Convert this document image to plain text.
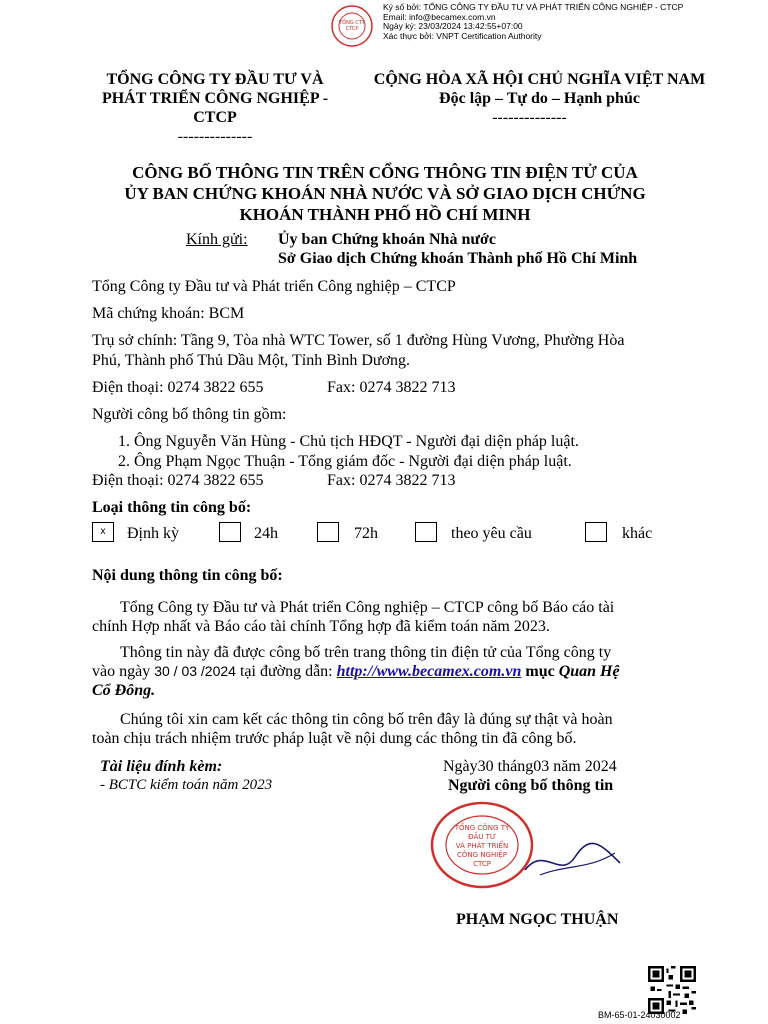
TỔNG CTY
CTCP
Ký số bởi: TỔNG CÔNG TY ĐẦU TƯ VÀ PHÁT TRIỂN CÔNG NGHIỆP - CTCP
Email: info@becamex.com.vn
Ngày ký: 23/03/2024 13:42:55+07:00
Xác thực bởi: VNPT Certification Authority
TỔNG CÔNG TY ĐẦU TƯ VÀ
PHÁT TRIỂN CÔNG NGHIỆP -
CTCP
--------------
CỘNG HÒA XÃ HỘI CHỦ NGHĨA VIỆT NAM
Độc lập – Tự do – Hạnh phúc
--------------
CÔNG BỐ THÔNG TIN TRÊN CỔNG THÔNG TIN ĐIỆN TỬ CỦA
ỦY BAN CHỨNG KHOÁN NHÀ NƯỚC VÀ SỞ GIAO DỊCH CHỨNG
KHOÁN THÀNH PHỐ HỒ CHÍ MINH
Kính gửi: Ủy ban Chứng khoán Nhà nước
Sở Giao dịch Chứng khoán Thành phố Hồ Chí Minh
Tổng Công ty Đầu tư và Phát triển Công nghiệp – CTCP
Mã chứng khoán: BCM
Trụ sở chính: Tầng 9, Tòa nhà WTC Tower, số 1 đường Hùng Vương, Phường Hòa
Phú, Thành phố Thủ Dầu Một, Tỉnh Bình Dương.
Điện thoại: 0274 3822 655	Fax: 0274 3822 713
Người công bố thông tin gồm:
1. Ông Nguyễn Văn Hùng - Chủ tịch HĐQT - Người đại diện pháp luật.
2. Ông Phạm Ngọc Thuận - Tổng giám đốc - Người đại diện pháp luật.
Điện thoại: 0274 3822 655	Fax: 0274 3822 713
Loại thông tin công bố:
x	Định kỳ	24h	72h	theo yêu cầu	khác
Nội dung thông tin công bố:
Tổng Công ty Đầu tư và Phát triển Công nghiệp – CTCP công bố Báo cáo tài
chính Hợp nhất và Báo cáo tài chính Tổng hợp đã kiểm toán năm 2023.
Thông tin này đã được công bố trên trang thông tin điện tử của Tổng công ty
vào ngày 30 / 03 /2024 tại đường dẫn: http://www.becamex.com.vn mục Quan Hệ
Cổ Đông.
Chúng tôi xin cam kết các thông tin công bố trên đây là đúng sự thật và hoàn
toàn chịu trách nhiệm trước pháp luật về nội dung các thông tin đã công bố.
Tài liệu đính kèm:
- BCTC kiểm toán năm 2023
Ngày30 tháng03 năm 2024
Người công bố thông tin
TỔNG CÔNG TY
ĐẦU TƯ
VÀ PHÁT TRIỂN
CÔNG NGHIỆP
CTCP
PHẠM NGỌC THUẬN
BM-65-01-24030002
